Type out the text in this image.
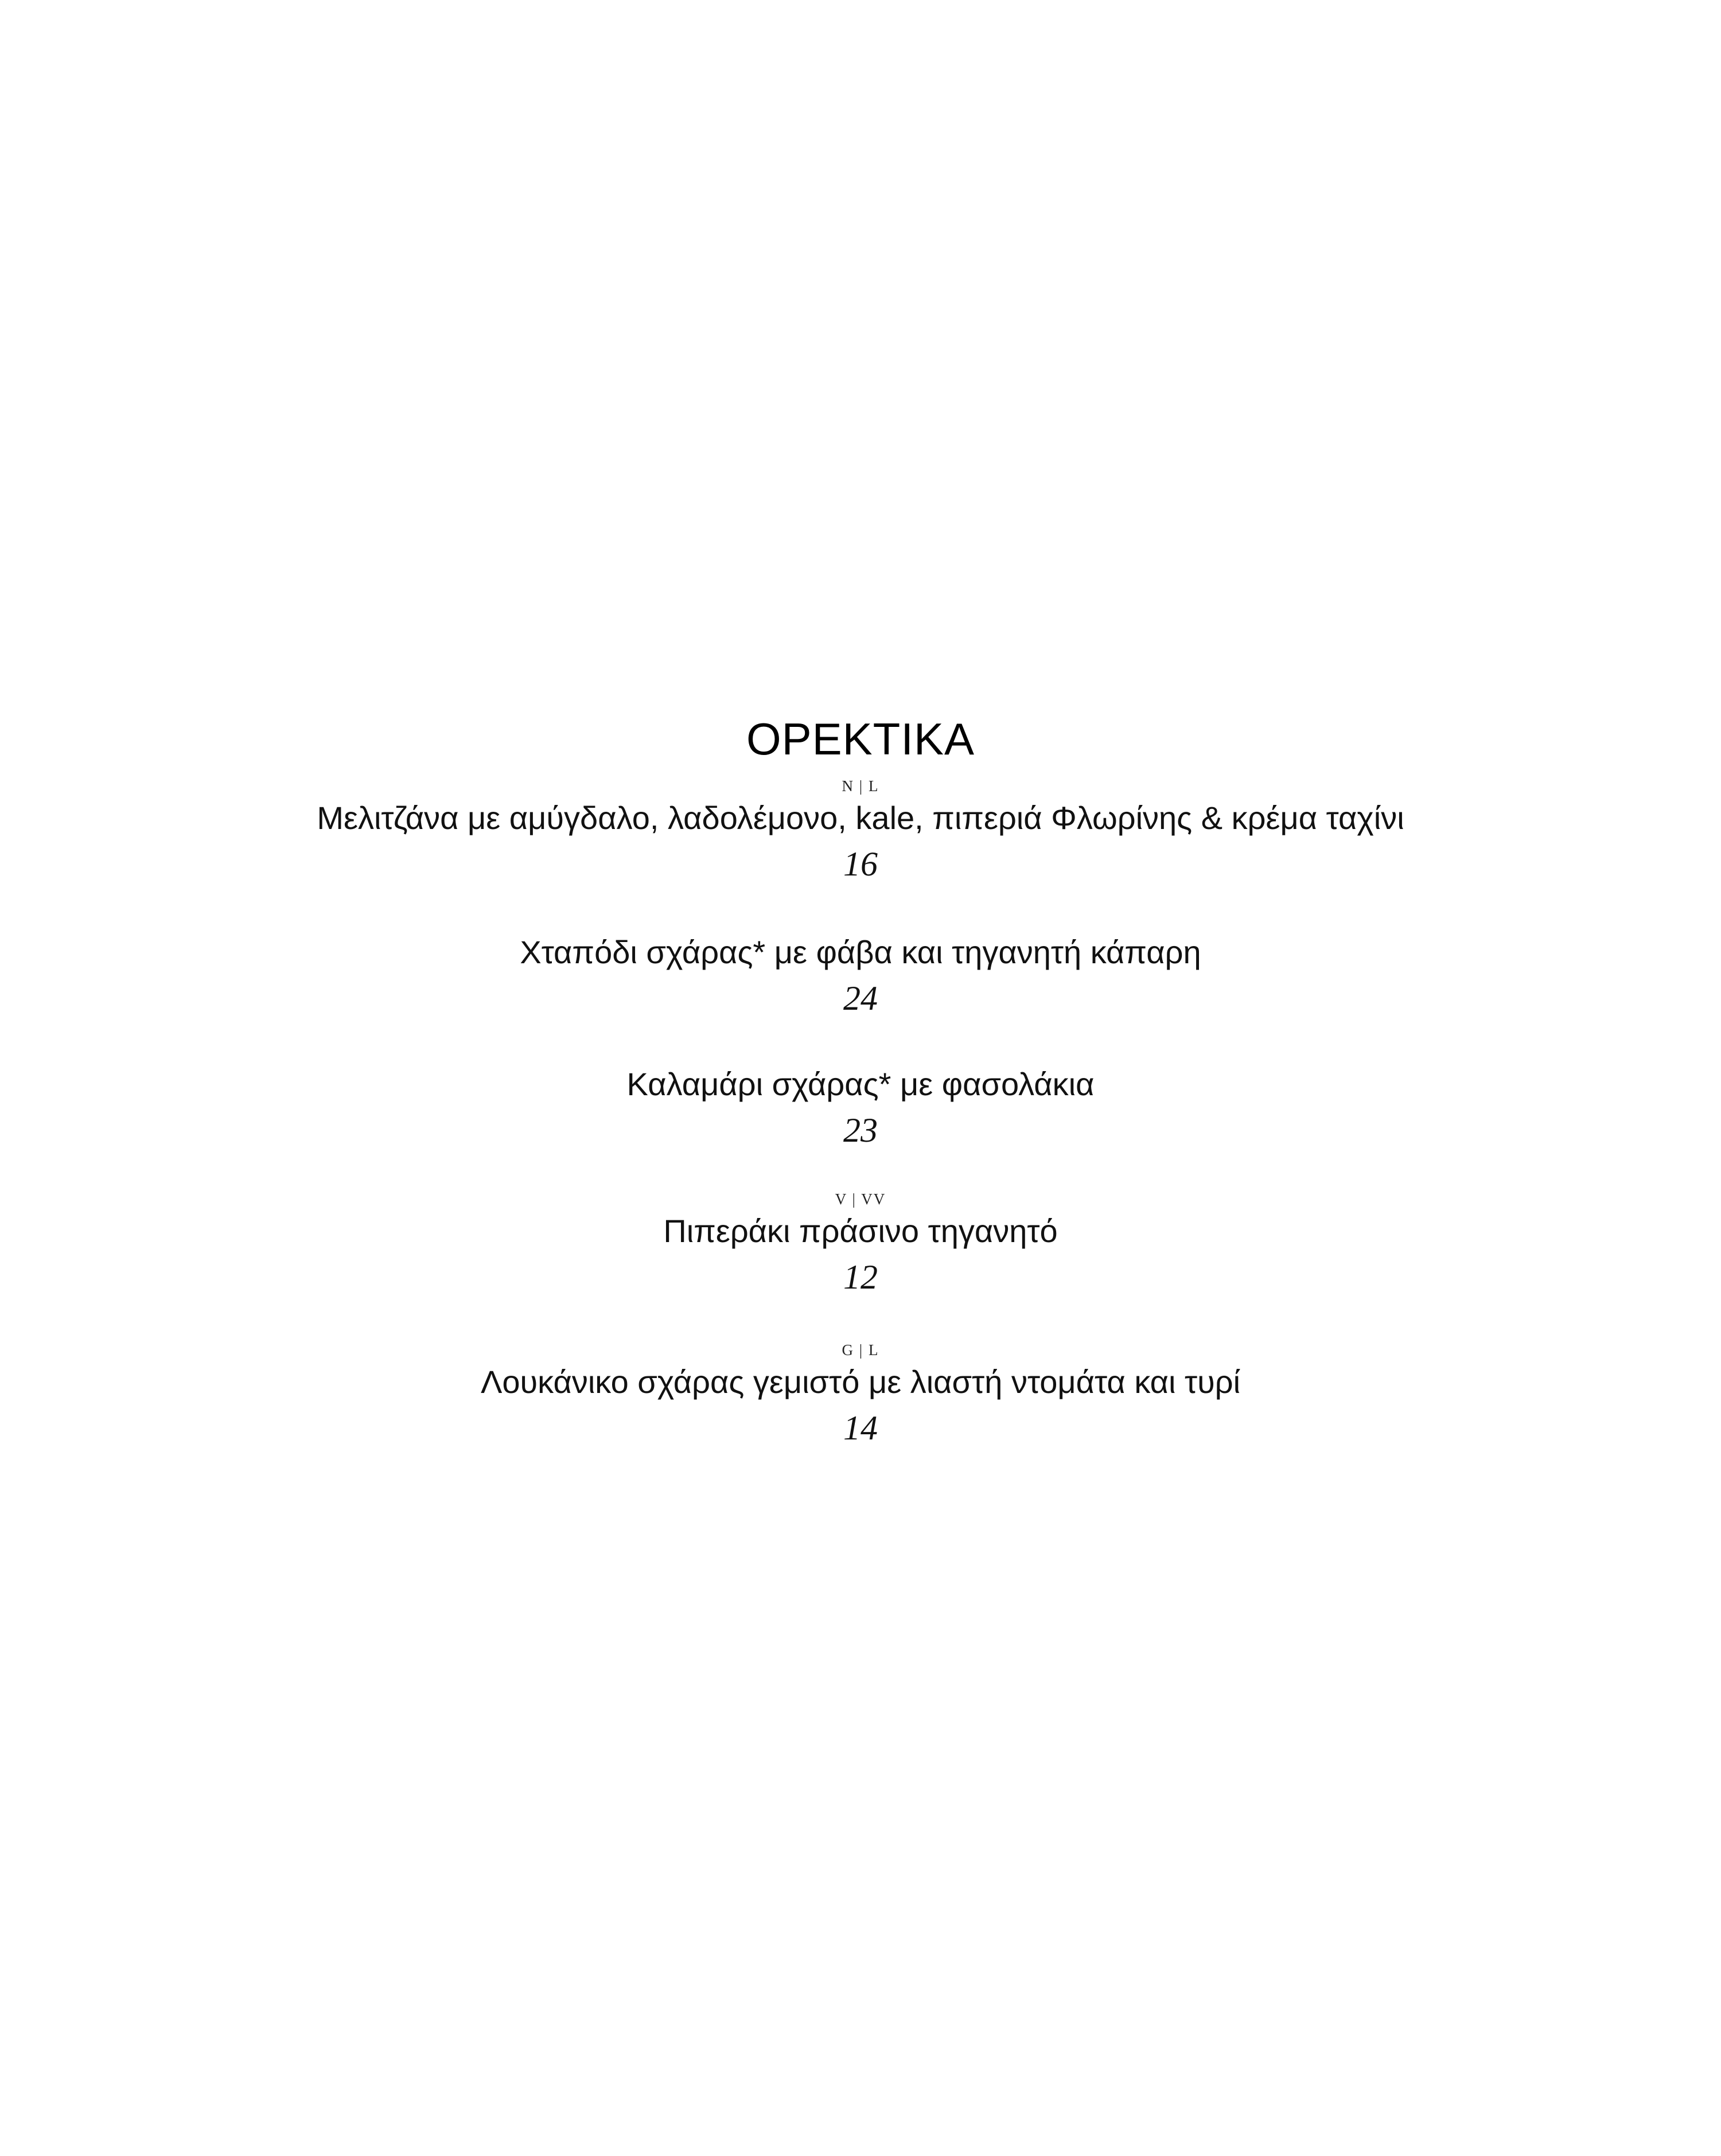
OPEKTIKA
N | L
Μελιτζάνα με αμύγδαλο, λαδολέμονο, kale, πιπεριά Φλωρίνης & κρέμα ταχίνι
16
Χταπόδι σχάρας* με φάβα και τηγανητή κάπαρη
24
Καλαμάρι σχάρας* με φασολάκια
23
V | VV
Πιπεράκι πράσινο τηγανητό
12
G | L
Λουκάνικο σχάρας γεμιστό με λιαστή ντομάτα και τυρί
14
